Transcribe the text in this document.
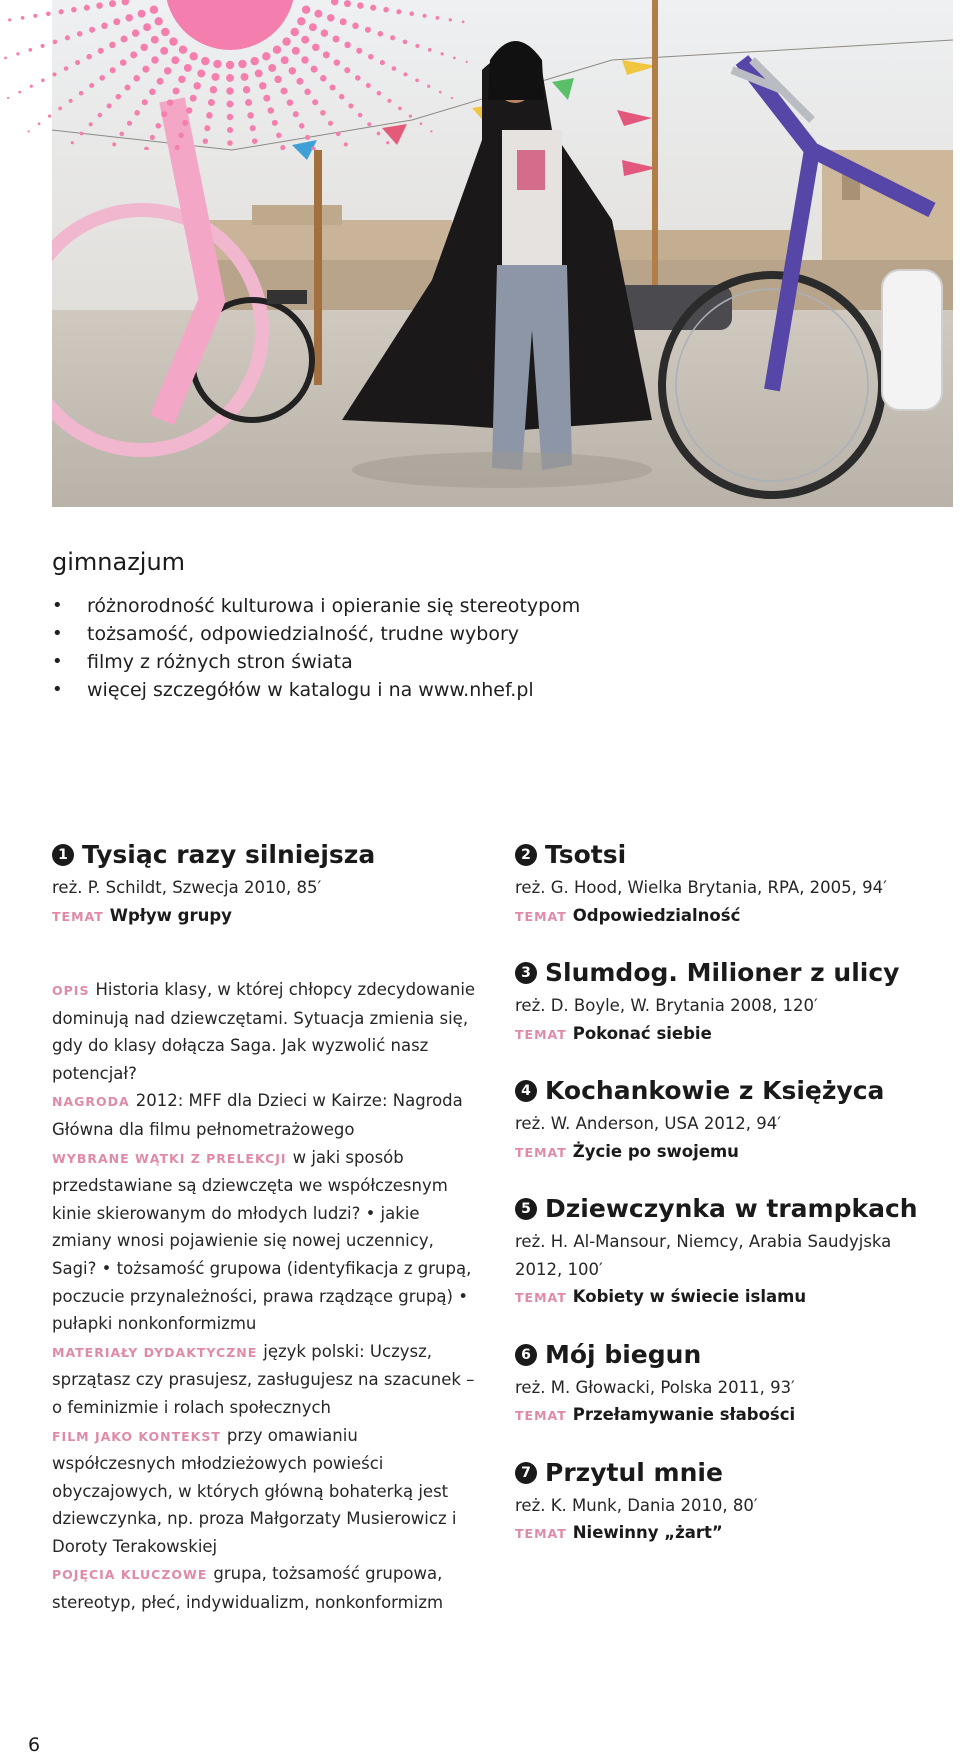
gimnazjum
• różnorodność kulturowa i opieranie się stereotypom
• tożsamość, odpowiedzialność, trudne wybory
• filmy z różnych stron świata
• więcej szczegółów w katalogu i na www.nhef.pl
1 Tysiąc razy silniejsza
reż. P. Schildt, Szwecja 2010, 85′
TEMAT Wpływ grupy

OPIS Historia klasy, w której chłopcy zdecydowanie dominują nad dziewczętami. Sytuacja zmienia się, gdy do klasy dołącza Saga. Jak wyzwolić nasz potencjał?

NAGRODA 2012: MFF dla Dzieci w Kairze: Nagroda Główna dla filmu pełnometrażowego

WYBRANE WĄTKI Z PRELEKCJI w jaki sposób przedstawiane są dziewczęta we współczesnym kinie skierowanym do młodych ludzi? • jakie zmiany wnosi pojawienie się nowej uczennicy, Sagi? • tożsamość grupowa (identyfikacja z grupą, poczucie przynależności, prawa rządzące grupą) • pułapki nonkonformizmu

MATERIAŁY DYDAKTYCZNE język polski: Uczysz, sprzątasz czy prasujesz, zasługujesz na szacunek – o feminizmie i rolach społecznych

FILM JAKO KONTEKST przy omawianiu współczesnych młodzieżowych powieści obyczajowych, w których główną bohaterką jest dziewczynka, np. proza Małgorzaty Musierowicz i Doroty Terakowskiej

POJĘCIA KLUCZOWE grupa, tożsamość grupowa, stereotyp, płeć, indywidualizm, nonkonformizm

2 Tsotsi
reż. G. Hood, Wielka Brytania, RPA, 2005, 94′
TEMAT Odpowiedzialność
3 Slumdog. Milioner z ulicy
reż. D. Boyle, W. Brytania 2008, 120′
TEMAT Pokonać siebie
4 Kochankowie z Księżyca
reż. W. Anderson, USA 2012, 94′
TEMAT Życie po swojemu
5 Dziewczynka w trampkach
reż. H. Al-Mansour, Niemcy, Arabia Saudyjska 2012, 100′
TEMAT Kobiety w świecie islamu
6 Mój biegun
reż. M. Głowacki, Polska 2011, 93′
TEMAT Przełamywanie słabości
7 Przytul mnie
reż. K. Munk, Dania 2010, 80′
TEMAT Niewinny „żart”
6
